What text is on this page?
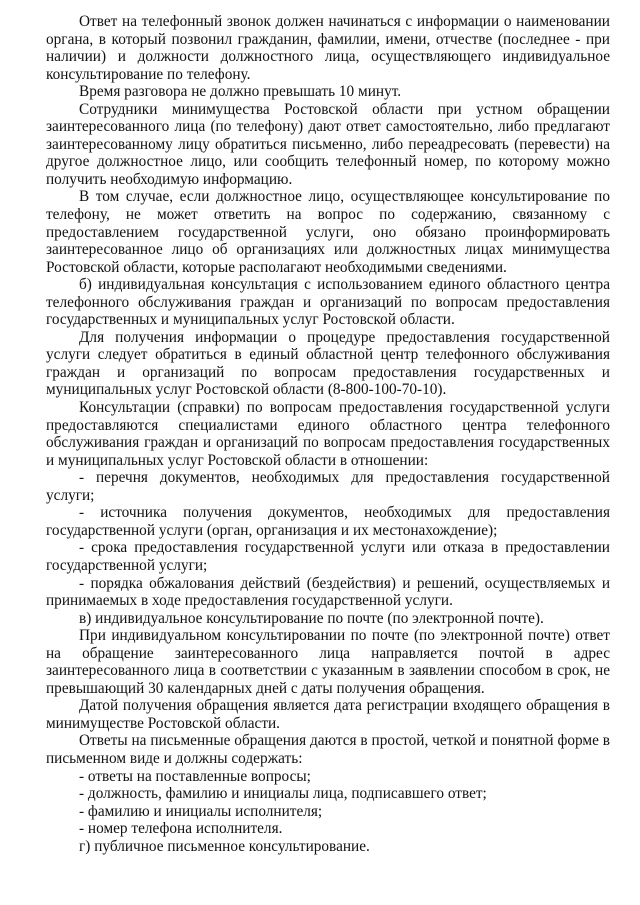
Ответ на телефонный звонок должен начинаться с информации о наименовании органа, в который позвонил гражданин, фамилии, имени, отчестве (последнее - при наличии) и должности должностного лица, осуществляющего индивидуальное консультирование по телефону.

Время разговора не должно превышать 10 минут.

Сотрудники минимущества Ростовской области при устном обращении заинтересованного лица (по телефону) дают ответ самостоятельно, либо предлагают заинтересованному лицу обратиться письменно, либо переадресовать (перевести) на другое должностное лицо, или сообщить телефонный номер, по которому можно получить необходимую информацию.

В том случае, если должностное лицо, осуществляющее консультирование по телефону, не может ответить на вопрос по содержанию, связанному с предоставлением государственной услуги, оно обязано проинформировать заинтересованное лицо об организациях или должностных лицах минимущества Ростовской области, которые располагают необходимыми сведениями.

б) индивидуальная консультация с использованием единого областного центра телефонного обслуживания граждан и организаций по вопросам предоставления государственных и муниципальных услуг Ростовской области.

Для получения информации о процедуре предоставления государственной услуги следует обратиться в единый областной центр телефонного обслуживания граждан и организаций по вопросам предоставления государственных и муниципальных услуг Ростовской области (8-800-100-70-10).

Консультации (справки) по вопросам предоставления государственной услуги предоставляются специалистами единого областного центра телефонного обслуживания граждан и организаций по вопросам предоставления государственных и муниципальных услуг Ростовской области в отношении:

- перечня документов, необходимых для предоставления государственной услуги;

- источника получения документов, необходимых для предоставления государственной услуги (орган, организация и их местонахождение);

- срока предоставления государственной услуги или отказа в предоставлении государственной услуги;

- порядка обжалования действий (бездействия) и решений, осуществляемых и принимаемых в ходе предоставления государственной услуги.

в) индивидуальное консультирование по почте (по электронной почте).

При индивидуальном консультировании по почте (по электронной почте) ответ на обращение заинтересованного лица направляется почтой в адрес заинтересованного лица в соответствии с указанным в заявлении способом в срок, не превышающий 30 календарных дней с даты получения обращения.

Датой получения обращения является дата регистрации входящего обращения в минимуществе Ростовской области.

Ответы на письменные обращения даются в простой, четкой и понятной форме в письменном виде и должны содержать:

- ответы на поставленные вопросы;

- должность, фамилию и инициалы лица, подписавшего ответ;

- фамилию и инициалы исполнителя;

- номер телефона исполнителя.

г) публичное письменное консультирование.
